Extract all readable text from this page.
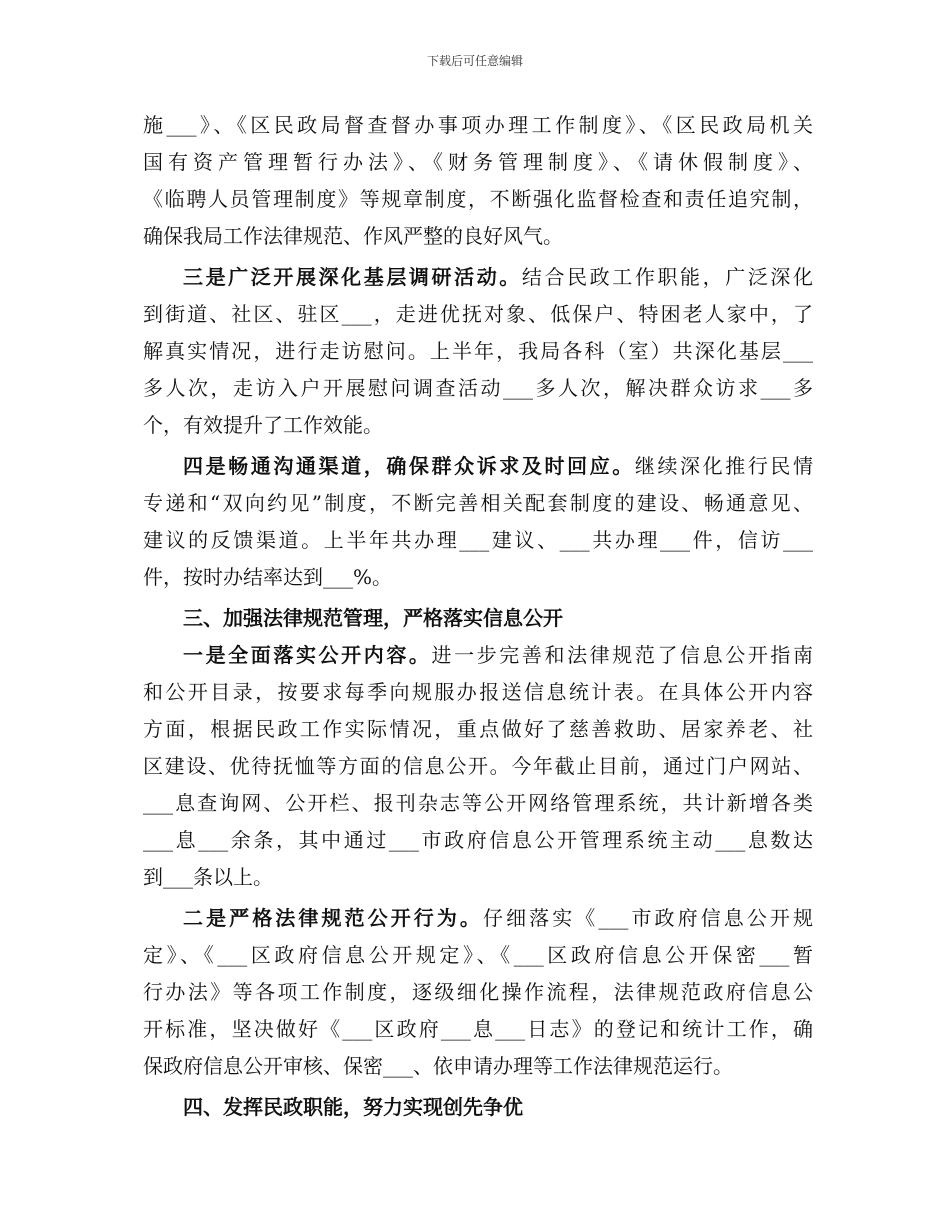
下载后可任意编辑
施___》、《区民政局督查督办事项办理工作制度》、《区民政局机关
国有资产管理暂行办法》、《财务管理制度》、《请休假制度》、
《临聘人员管理制度》等规章制度，不断强化监督检查和责任追究制，
确保我局工作法律规范、作风严整的良好风气。
三是广泛开展深化基层调研活动。结合民政工作职能，广泛深化
到街道、社区、驻区___，走进优抚对象、低保户、特困老人家中，了
解真实情况，进行走访慰问。上半年，我局各科（室）共深化基层___
多人次，走访入户开展慰问调查活动___多人次，解决群众访求___多
个，有效提升了工作效能。
四是畅通沟通渠道，确保群众诉求及时回应。继续深化推行民情
专递和“双向约见”制度，不断完善相关配套制度的建设、畅通意见、
建议的反馈渠道。上半年共办理___建议、___共办理___件，信访___
件，按时办结率达到___%。
三、加强法律规范管理，严格落实信息公开
一是全面落实公开内容。进一步完善和法律规范了信息公开指南
和公开目录，按要求每季向规服办报送信息统计表。在具体公开内容
方面，根据民政工作实际情况，重点做好了慈善救助、居家养老、社
区建设、优待抚恤等方面的信息公开。今年截止目前，通过门户网站、
___息查询网、公开栏、报刊杂志等公开网络管理系统，共计新增各类
___息___余条，其中通过___市政府信息公开管理系统主动___息数达
到___条以上。
二是严格法律规范公开行为。仔细落实《___市政府信息公开规
定》、《___区政府信息公开规定》、《___区政府信息公开保密___暂
行办法》等各项工作制度，逐级细化操作流程，法律规范政府信息公
开标准，坚决做好《___区政府___息___日志》的登记和统计工作，确
保政府信息公开审核、保密___、依申请办理等工作法律规范运行。
四、发挥民政职能，努力实现创先争优
